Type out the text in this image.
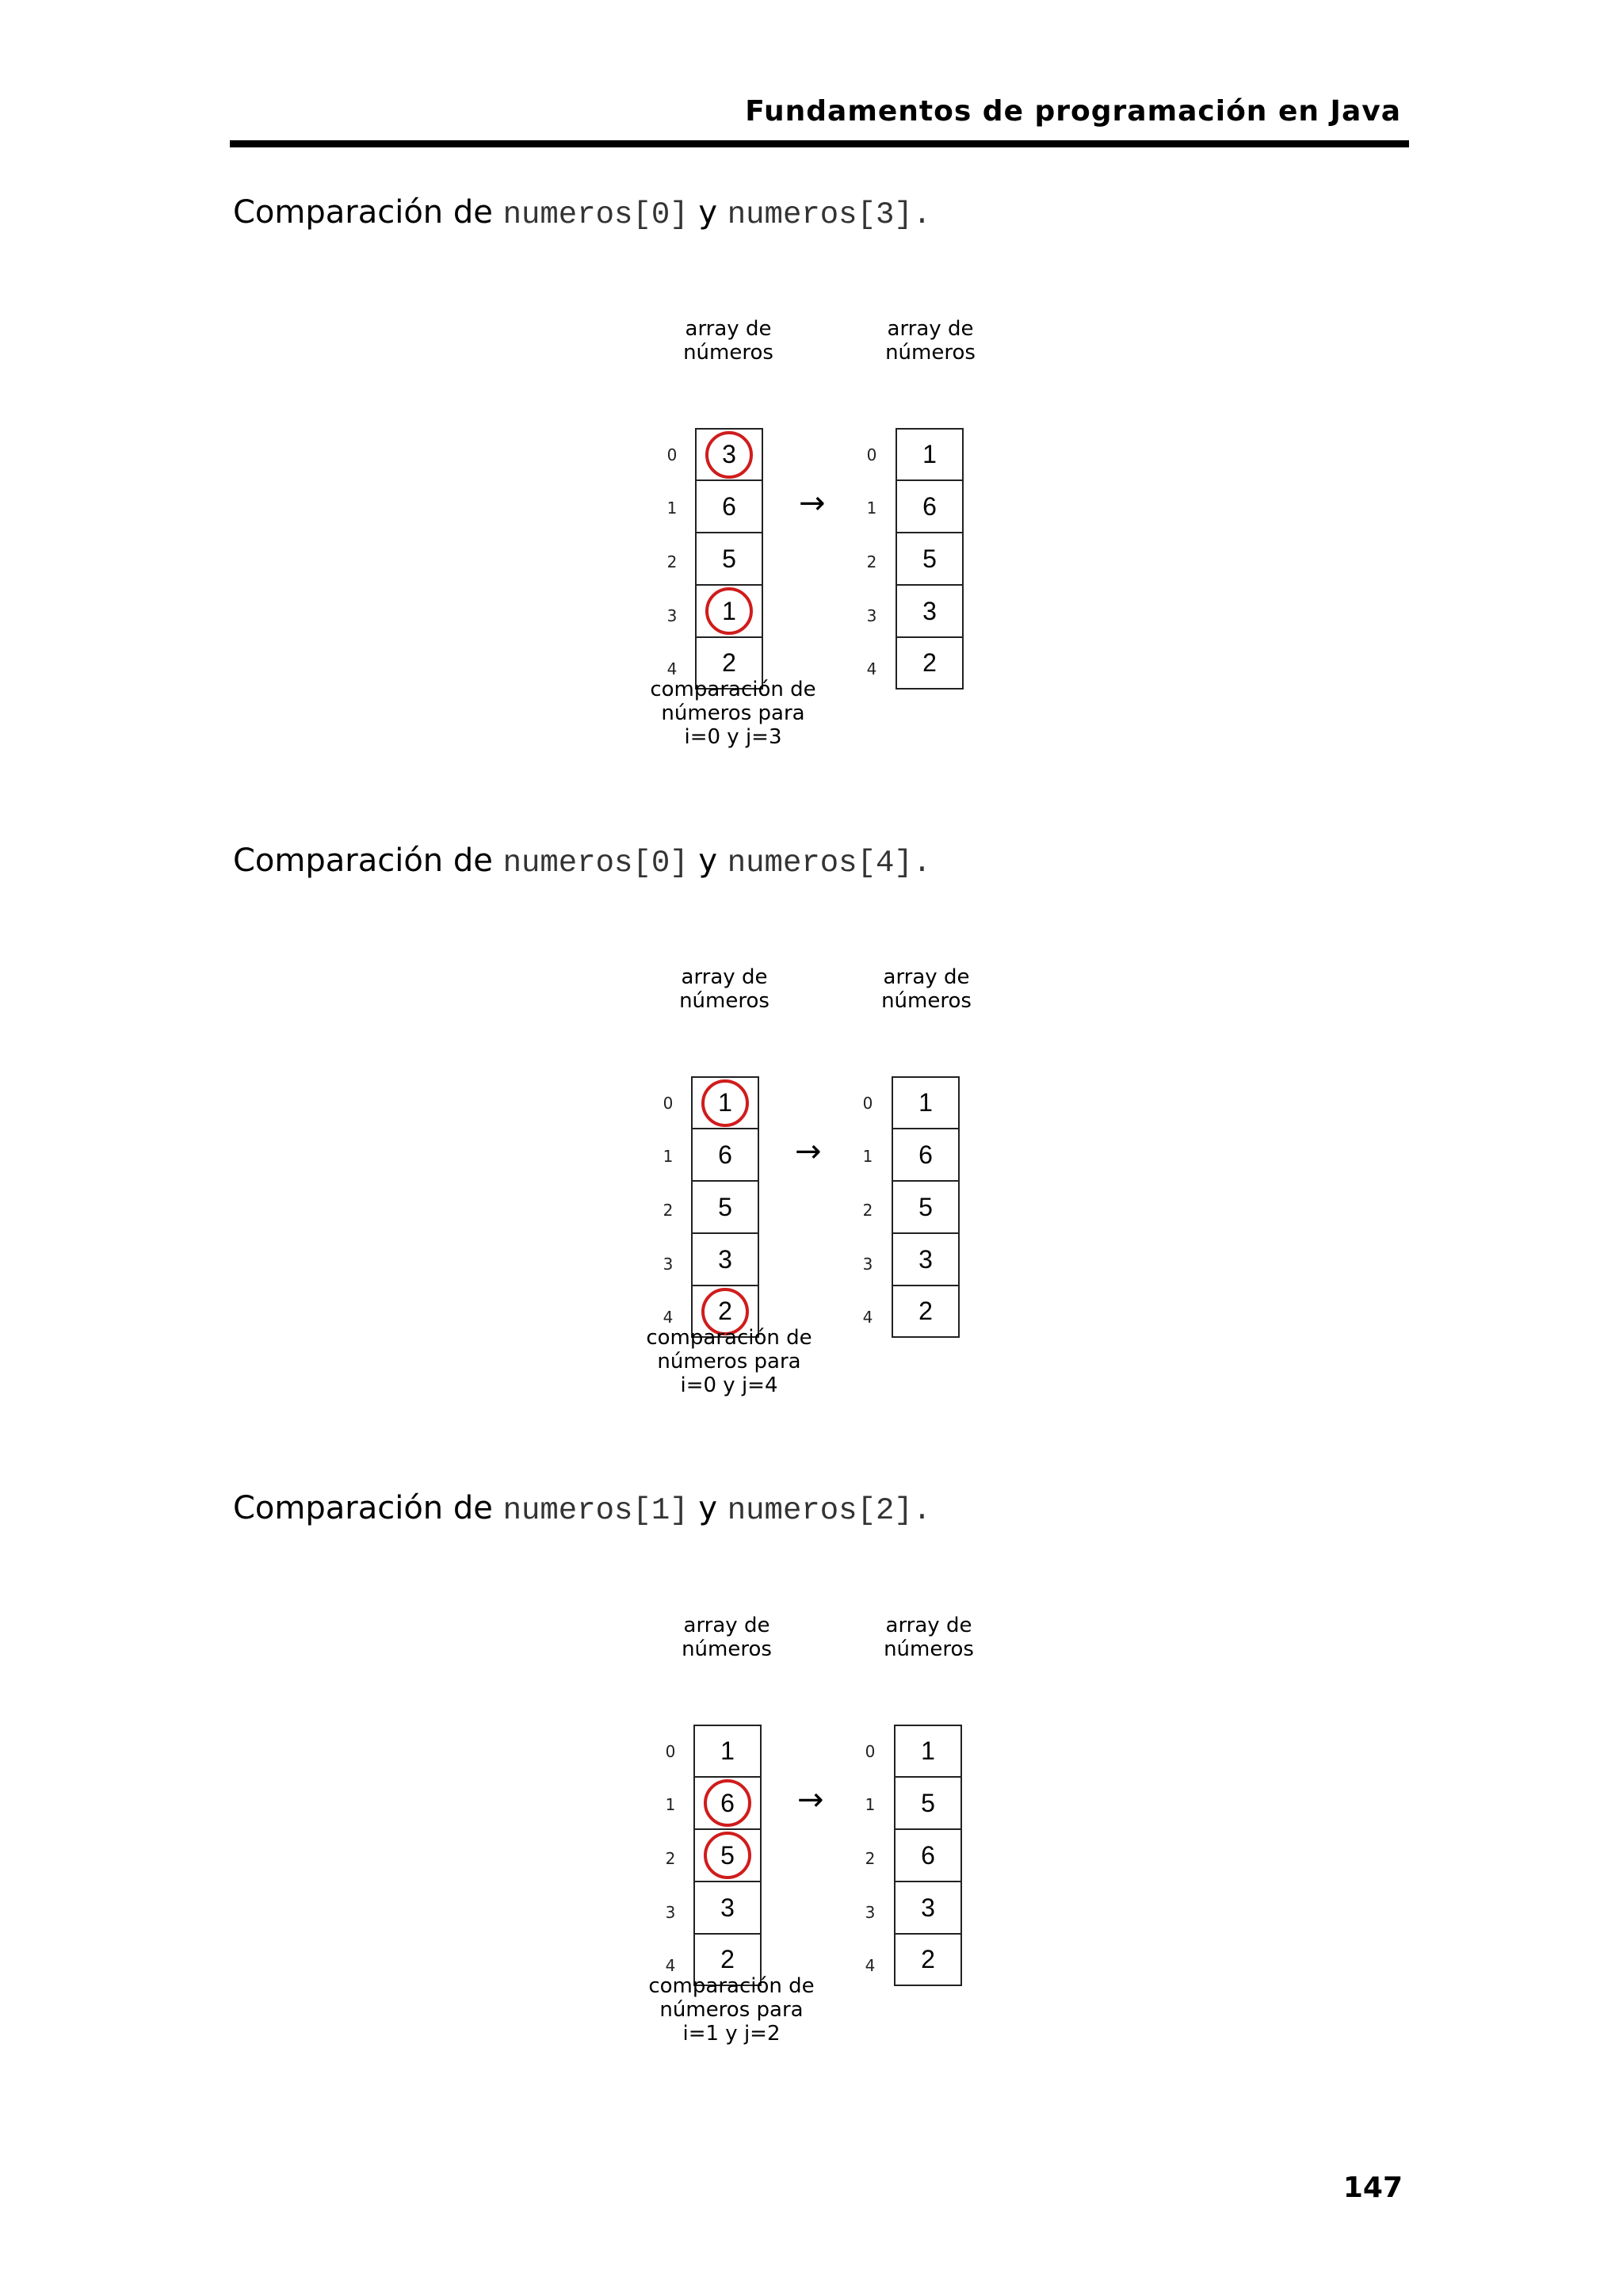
Fundamentos de programación en Java
Comparación de numeros[0] y numeros[3].
array de números
0
1
2
3
4
3
6
5
1
2
→
array de números
0
1
2
3
4
1
6
5
3
2
comparación de
números para
i=0 y j=3
Comparación de numeros[0] y numeros[4].
array de números
0
1
2
3
4
1
6
5
3
2
→
array de números
0
1
2
3
4
1
6
5
3
2
comparación de
números para
i=0 y j=4
Comparación de numeros[1] y numeros[2].
array de números
0
1
2
3
4
1
6
5
3
2
→
array de números
0
1
2
3
4
1
5
6
3
2
comparación de
números para
i=1 y j=2
147
